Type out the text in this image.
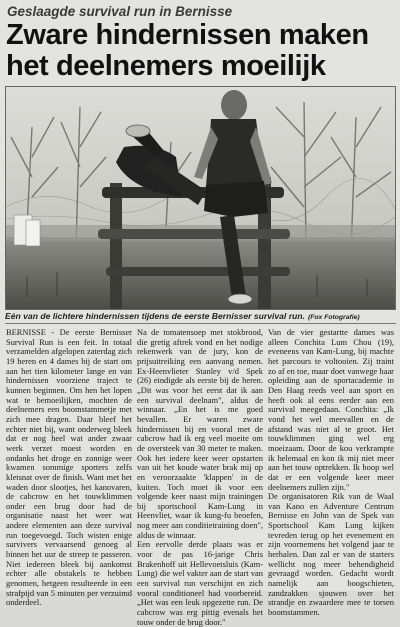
Geslaagde survival run in Bernisse
Zware hindernissen maken het deelnemers moeilijk
Eén van de lichtere hindernissen tijdens de eerste Bernisser survival run. (Fox Fotografie)

BERNISSE - De eerste Bernisser Survival Run is een feit. In totaal verzamelden afgelopen zaterdag zich 19 heren en 4 dames bij de start om aan het tien kilometer lange en van hindernissen voorziene traject te kunnen beginnen. Om hen het lopen wat te bemoeilijken, mochten de deelnemers een boomstammetje met zich mee dragen. Daar bleef het echter niet bij, want onderweg bleek dat er nog heel wat ander zwaar werk verzet moest worden en ondanks het droge en zonnige weer kwamen sommige sporters zelfs kletsnat over de finish. Want met het waden door slootjes, het kanovaren, de cabcrow en het touwklimmen onder een brug door had de organisatie naast het weer wat andere elementen aan deze survival run toegevoegd. Toch wisten enige survivers vervaarsend genoeg al binnen het uur de streep te passeren. Niet iedereen bleek bij aankomst echter alle obstakels te hebben genomen, hetgeen resulteerde in een strafpijd van 5 minuten per verzuimd onderdeel.

Na de tomatensoep met stokbrood, die gretig aftrek vond en het nodige rekenwerk van de jury, kon de prijsuitreiking een aanvang nemen. Ex-Heenvlieter Stanley v/d Spek (26) eindigde als eerste bij de heren. „Dit was voor het eerst dat ik aan een survival deelnam", aldus de winnaar. „En het is me goed bevallen. Er waren zware hindernissen bij en vooral met de cabcrow had ik erg veel moeite om de oversteek van 30 meter te maken. Ook het iedere keer weer opstarten van uit het koude water brak mij op en veroorzaakte 'klappen' in de kuiten. Toch moet ik voor een volgende keer naast mijn trainingen bij sportschool Kam-Lung in Heenvliet, waar ik kung-fu beoefen, nog meer aan conditietraining doen", aldus de winnaar.
Een eervolle derde plaats was er voor de pas 16-jarige Chris Brakenhoff uit Hellevoetsluis (Kam-Lung) die wel vakter aan de start van een survival run verschijnt en zich vooral conditioneel had voorbereid. „Het was een leuk opgezette run. De cabcrow was erg pittig evenals het touw onder de brug door."

Van de vier gestartte dames was alleen Conchita Lum Chou (19), eveneens van Kam-Lung, bij machte het parcours te voltooien. Zij traint zo af en toe, maar doet vanwege haar opleiding aan de sportacademie in Den Haag reeds veel aan sport en heeft ook al eens eerder aan een survival meegedaan. Conchita: „Ik vond het wel meevallen en de afstand was niet al te groot. Het touwklimmen ging wel erg moeizaam. Door de kou verkrampte ik helemaal en kon ik mij niet meer aan het touw optrekken. Ik hoop wel dat er een volgende keer meer deelnemers zullen zijn."
De organisatoren Rik van de Waal van Kano en Adventure Centrum Bernisse en John van de Spek van Sportschool Kam Lung kijken tevreden terug op het evenement en zijn voornemens het volgend jaar te herhalen. Dan zal er van de starters wellicht nog meer behendigheid gevraagd worden. Gedacht wordt namelijk aan boogschieten, zandzakken sjouwen over het strandje en zwaardere mee te torsen boomstammen.
